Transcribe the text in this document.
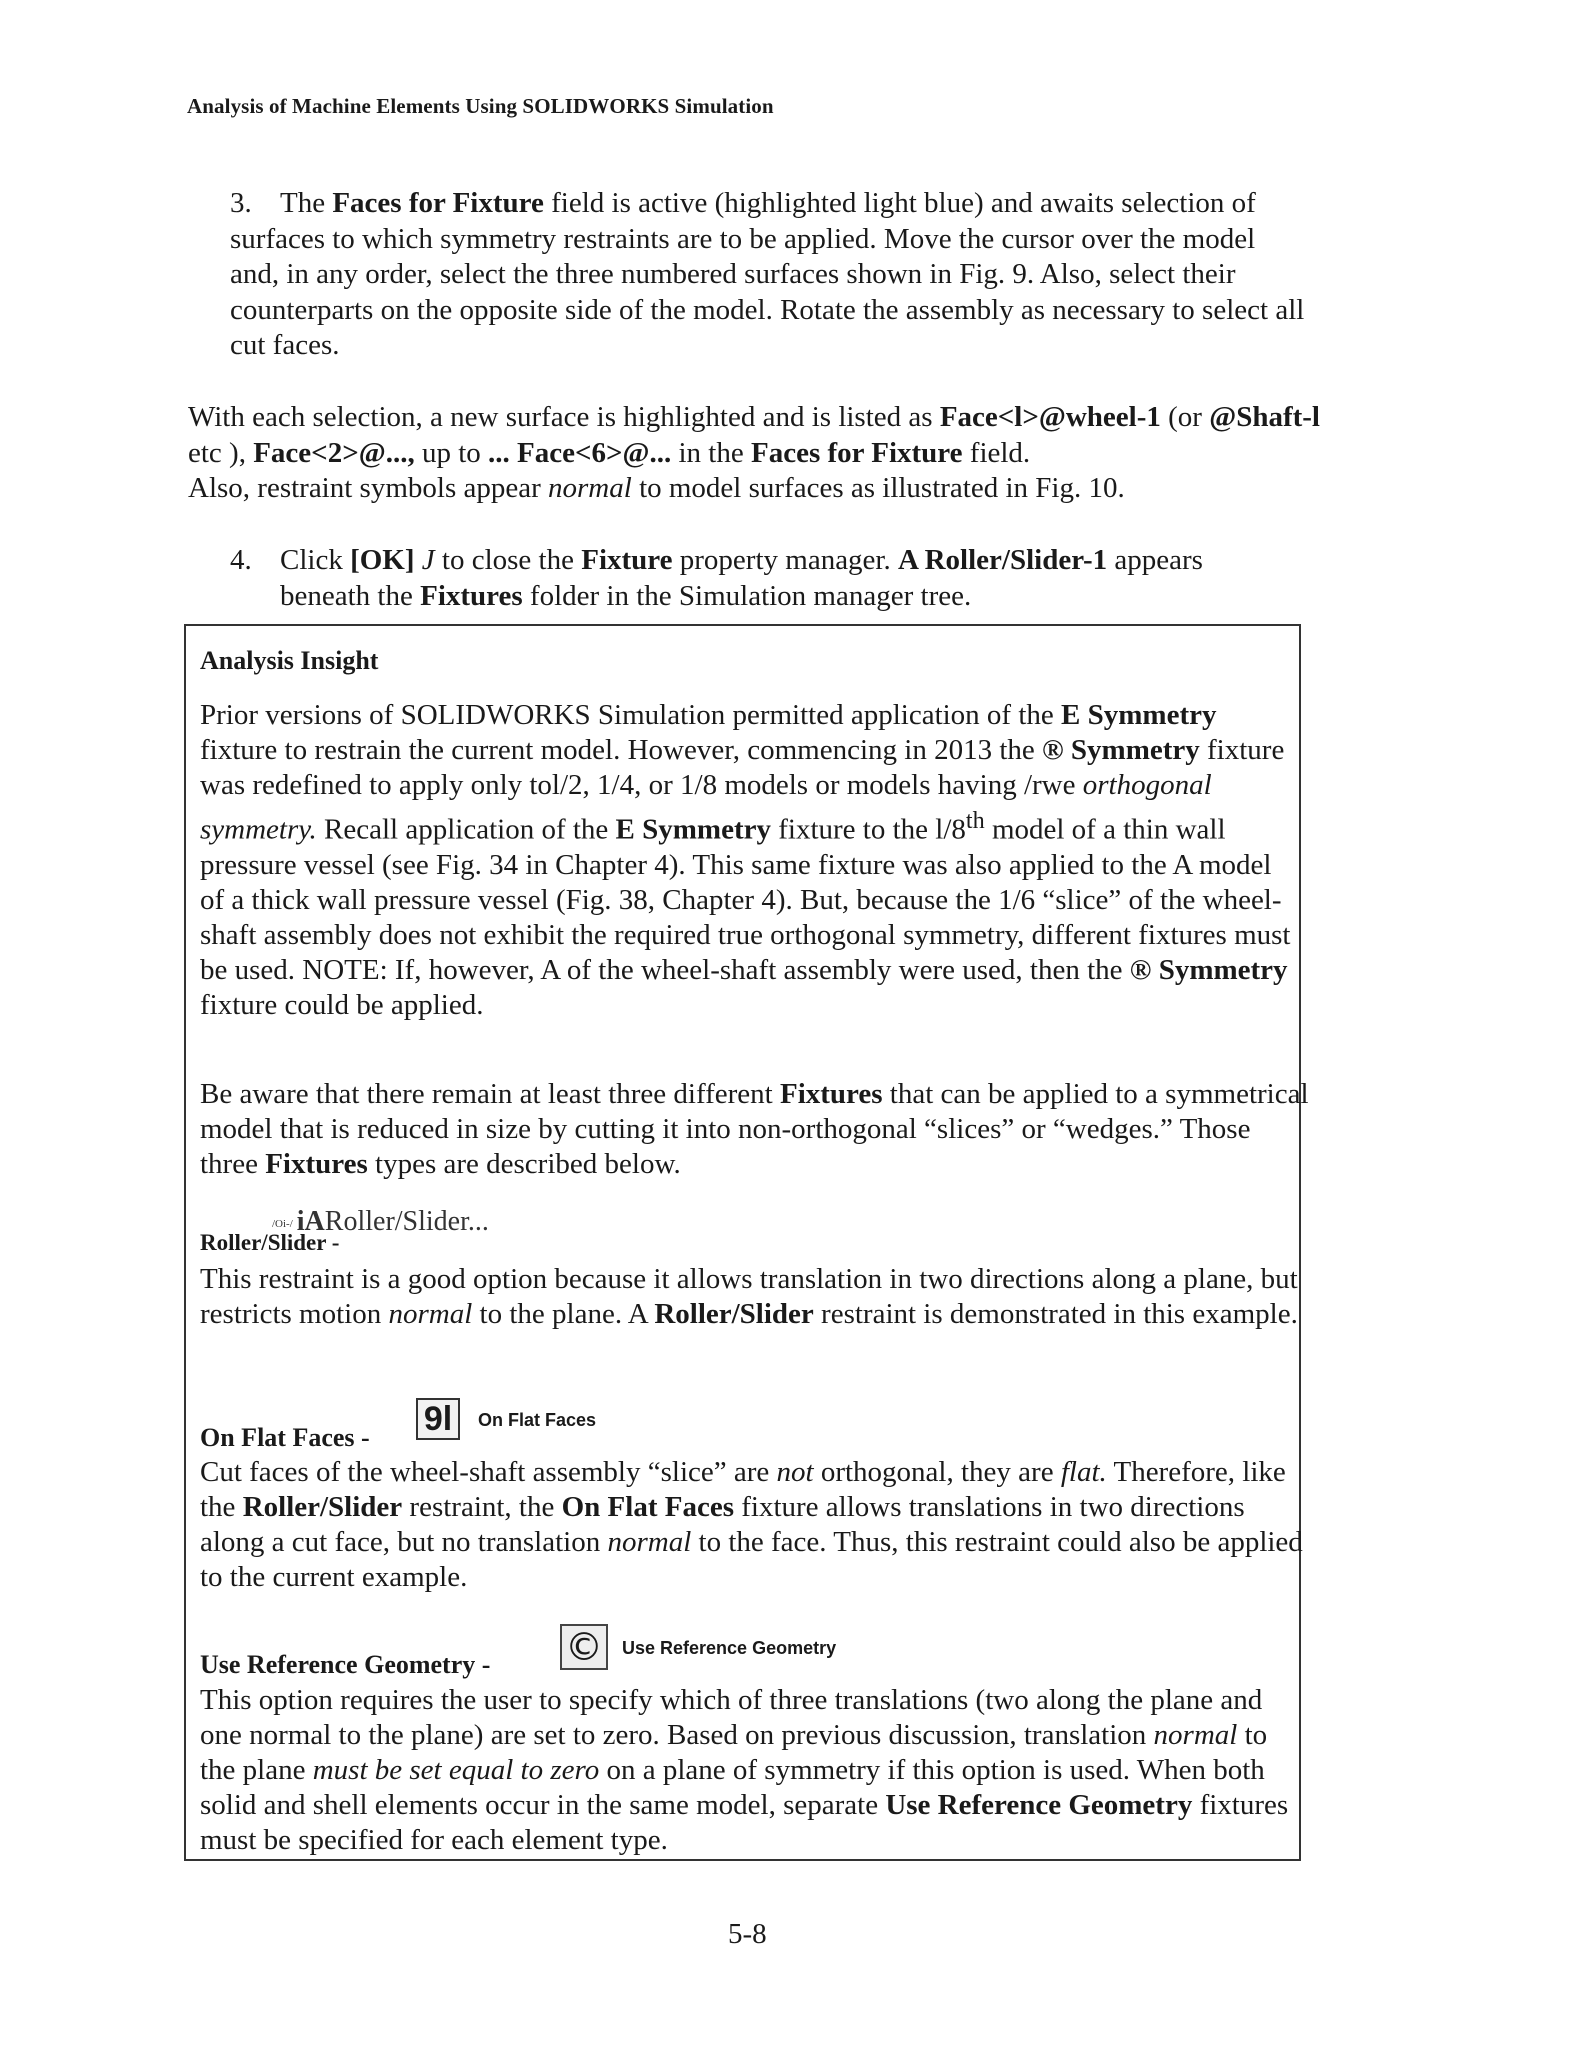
Analysis of Machine Elements Using SOLIDWORKS Simulation

3. The Faces for Fixture field is active (highlighted light blue) and awaits selection of surfaces to which symmetry restraints are to be applied. Move the cursor over the model and, in any order, select the three numbered surfaces shown in Fig. 9. Also, select their counterparts on the opposite side of the model. Rotate the assembly as necessary to select all cut faces.

With each selection, a new surface is highlighted and is listed as Face<l>@wheel-1 (or @Shaft-l etc ), Face<2>@..., up to ... Face<6>@... in the Faces for Fixture field.
Also, restraint symbols appear normal to model surfaces as illustrated in Fig. 10.

4. Click [OK] J to close the Fixture property manager. A Roller/Slider-1 appears

beneath the Fixtures folder in the Simulation manager tree.

Analysis Insight

Prior versions of SOLIDWORKS Simulation permitted application of the E Symmetry fixture to restrain the current model. However, commencing in 2013 the ® Symmetry fixture was redefined to apply only tol/2, 1/4, or 1/8 models or models having /rwe orthogonal symmetry. Recall application of the E Symmetry fixture to the l/8th model of a thin wall pressure vessel (see Fig. 34 in Chapter 4). This same fixture was also applied to the A model of a thick wall pressure vessel (Fig. 38, Chapter 4). But, because the 1/6 “slice” of the wheel-shaft assembly does not exhibit the required true orthogonal symmetry, different fixtures must be used. NOTE: If, however, A of the wheel-shaft assembly were used, then the ® Symmetry fixture could be applied.

Be aware that there remain at least three different Fixtures that can be applied to a symmetrical model that is reduced in size by cutting it into non-orthogonal “slices” or “wedges.” Those three Fixtures types are described below.

Roller/Slider -
/Oi-/ iARoller/Slider...

This restraint is a good option because it allows translation in two directions along a plane, but restricts motion normal to the plane. A Roller/Slider restraint is demonstrated in this example.

On Flat Faces - 9l	On Flat Faces

Cut faces of the wheel-shaft assembly “slice” are not orthogonal, they are flat. Therefore, like the Roller/Slider restraint, the On Flat Faces fixture allows translations in two directions along a cut face, but no translation normal to the face. Thus, this restraint could also be applied to the current example.

Use Reference Geometry - © Use Reference Geometry

This option requires the user to specify which of three translations (two along the plane and one normal to the plane) are set to zero. Based on previous discussion, translation normal to the plane must be set equal to zero on a plane of symmetry if this option is used. When both solid and shell elements occur in the same model, separate Use Reference Geometry fixtures must be specified for each element type.

5-8
